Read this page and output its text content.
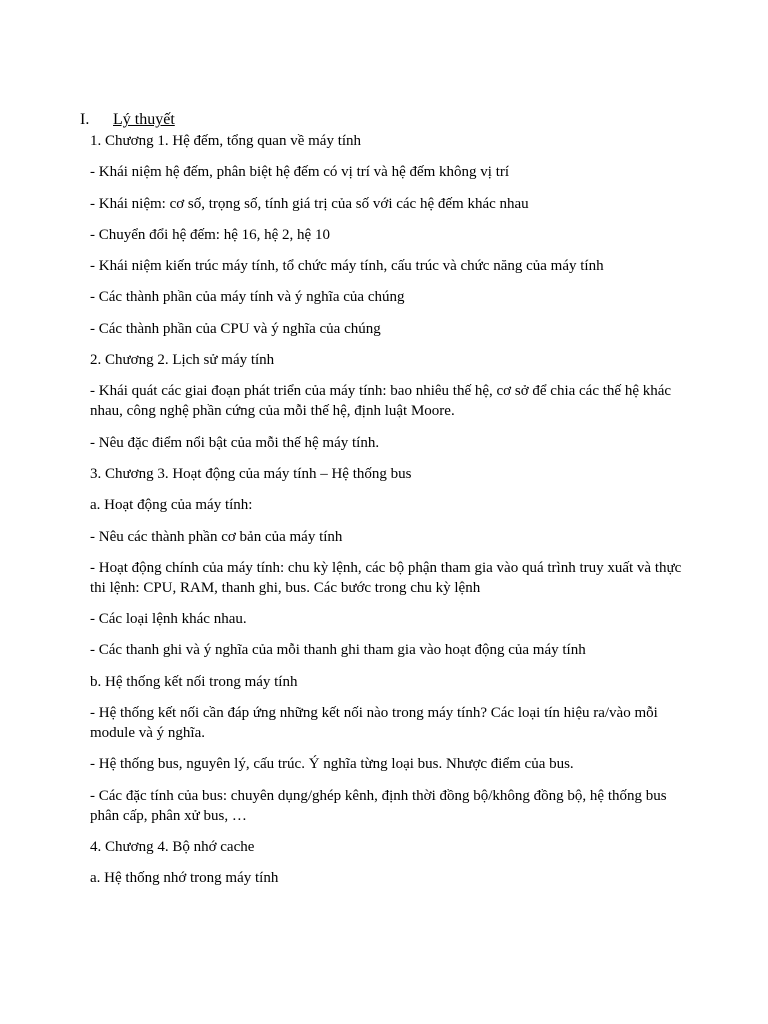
I. Lý thuyết
1. Chương 1. Hệ đếm, tổng quan về máy tính
- Khái niệm hệ đếm, phân biệt hệ đếm có vị trí và hệ đếm không vị trí
- Khái niệm: cơ số, trọng số, tính giá trị của số với các hệ đếm khác nhau
- Chuyển đổi hệ đếm: hệ 16, hệ 2, hệ 10
- Khái niệm kiến trúc máy tính, tổ chức máy tính, cấu trúc và chức năng của máy tính
- Các thành phần của máy tính và ý nghĩa của chúng
- Các thành phần của CPU và ý nghĩa của chúng
2. Chương 2. Lịch sử máy tính
- Khái quát các giai đoạn phát triển của máy tính: bao nhiêu thế hệ, cơ sở để chia các thế hệ khác nhau, công nghệ phần cứng của mỗi thế hệ, định luật Moore.
- Nêu đặc điểm nổi bật của mỗi thế hệ máy tính.
3. Chương 3. Hoạt động của máy tính – Hệ thống bus
a. Hoạt động của máy tính:
- Nêu các thành phần cơ bản của máy tính
- Hoạt động chính của máy tính: chu kỳ lệnh, các bộ phận tham gia vào quá trình truy xuất và thực thi lệnh: CPU, RAM, thanh ghi, bus. Các bước trong chu kỳ lệnh
- Các loại lệnh khác nhau.
- Các thanh ghi và ý nghĩa của mỗi thanh ghi tham gia vào hoạt động của máy tính
b. Hệ thống kết nối trong máy tính
- Hệ thống kết nối cần đáp ứng những kết nối nào trong máy tính? Các loại tín hiệu ra/vào mỗi module và ý nghĩa.
- Hệ thống bus, nguyên lý, cấu trúc. Ý nghĩa từng loại bus. Nhược điểm của bus.
- Các đặc tính của bus: chuyên dụng/ghép kênh, định thời đồng bộ/không đồng bộ, hệ thống bus phân cấp, phân xử bus, …
4. Chương 4. Bộ nhớ cache
a. Hệ thống nhớ trong máy tính
